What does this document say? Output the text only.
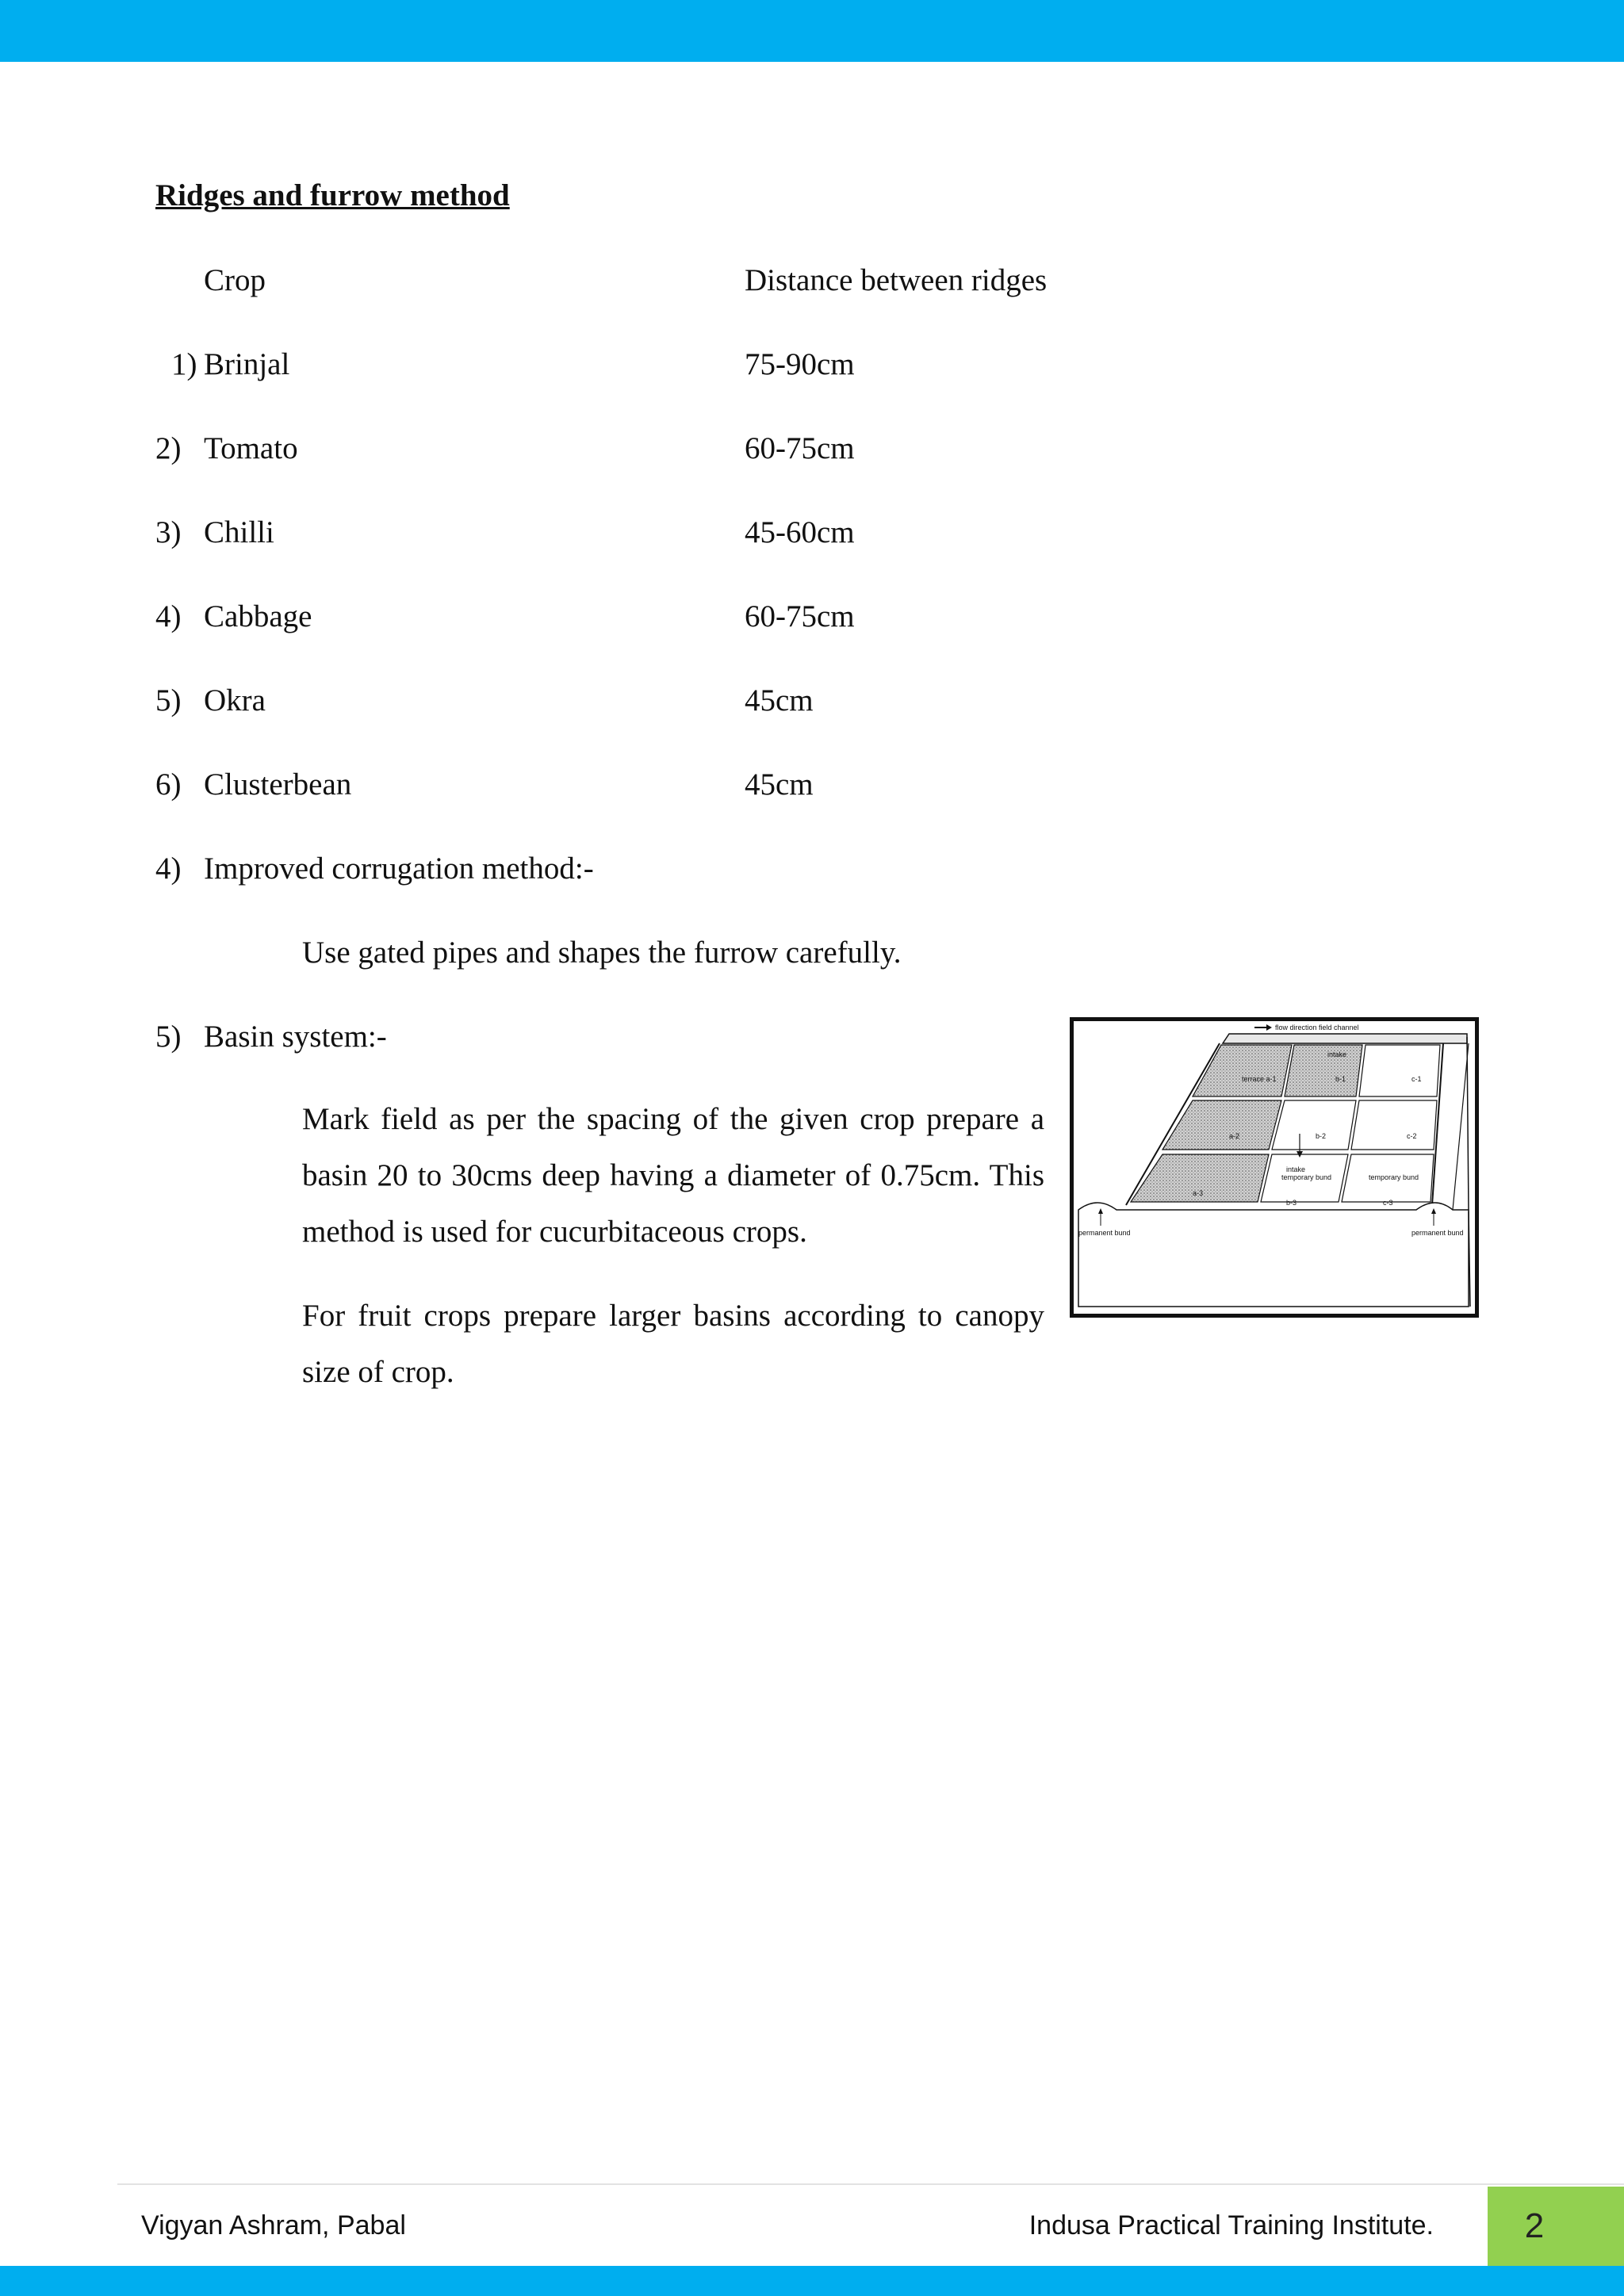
Ridges and furrow method
Crop	Distance between ridges
1) Brinjal	75-90cm
2) Tomato	60-75cm
3) Chilli	45-60cm
4) Cabbage	60-75cm
5) Okra	45cm
6) Clusterbean	45cm
4) Improved corrugation method:-
Use gated pipes and shapes the furrow carefully.
5) Basin system:-
Mark field as per the spacing of the given crop prepare a basin 20 to 30cms deep having a diameter of 0.75cm. This method is used for cucurbitaceous crops.
For fruit crops prepare larger basins according to canopy size of crop.
flow direction field channel
intake
terrace a-1	b-1	c-1
a-2	b-2	c-2
a-3
b-3	c-3
intake
temporary bund	temporary bund
permanent bund	permanent bund
Vigyan Ashram, Pabal	Indusa Practical Training Institute.	2
